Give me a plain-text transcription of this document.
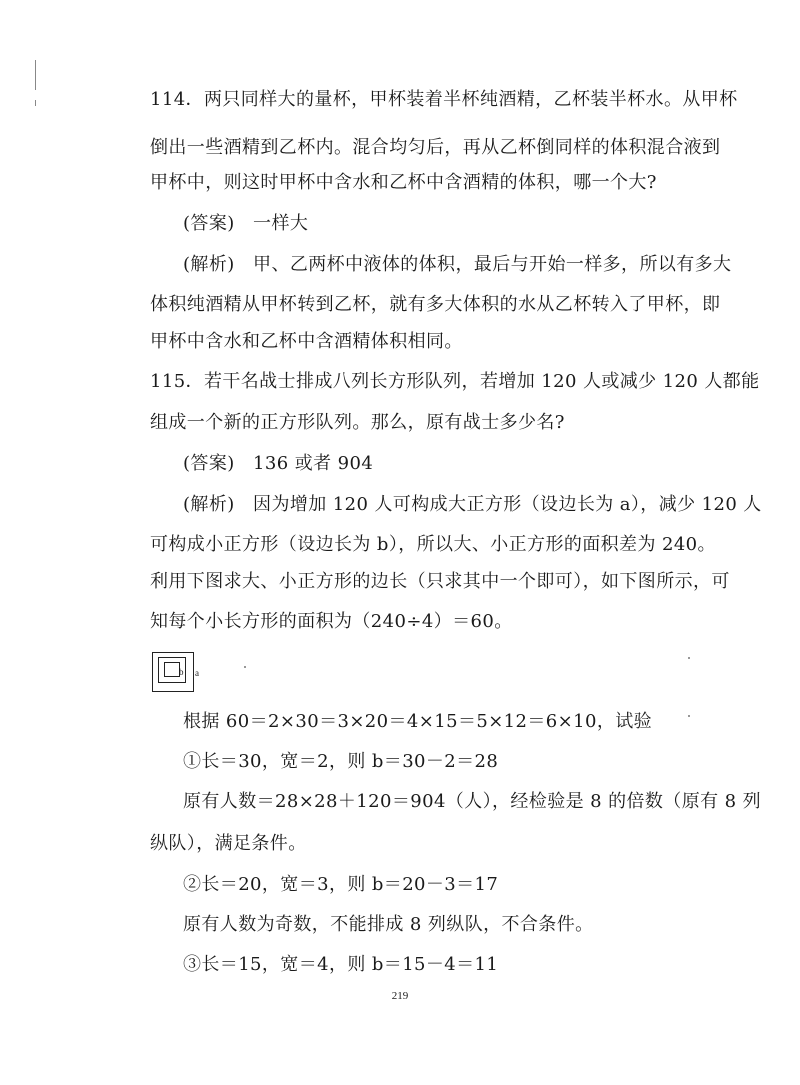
114．两只同样大的量杯，甲杯装着半杯纯酒精，乙杯装半杯水。从甲杯
倒出一些酒精到乙杯内。混合均匀后，再从乙杯倒同样的体积混合液到
甲杯中，则这时甲杯中含水和乙杯中含酒精的体积，哪一个大?
(答案)　一样大
(解析)　甲、乙两杯中液体的体积，最后与开始一样多，所以有多大
体积纯酒精从甲杯转到乙杯，就有多大体积的水从乙杯转入了甲杯，即
甲杯中含水和乙杯中含酒精体积相同。
115．若干名战士排成八列长方形队列，若增加 120 人或减少 120 人都能
组成一个新的正方形队列。那么，原有战士多少名?
(答案)　136 或者 904
(解析)　因为增加 120 人可构成大正方形（设边长为 a），减少 120 人
可构成小正方形（设边长为 b），所以大、小正方形的面积差为 240。
利用下图求大、小正方形的边长（只求其中一个即可），如下图所示，可
知每个小长方形的面积为（240÷4）＝60。
b a
根据 60＝2×30＝3×20＝4×15＝5×12＝6×10，试验
①长＝30，宽＝2，则 b＝30－2＝28
原有人数＝28×28＋120＝904（人），经检验是 8 的倍数（原有 8 列
纵队），满足条件。
②长＝20，宽＝3，则 b＝20－3＝17
原有人数为奇数，不能排成 8 列纵队，不合条件。
③长＝15，宽＝4，则 b＝15－4＝11
219
